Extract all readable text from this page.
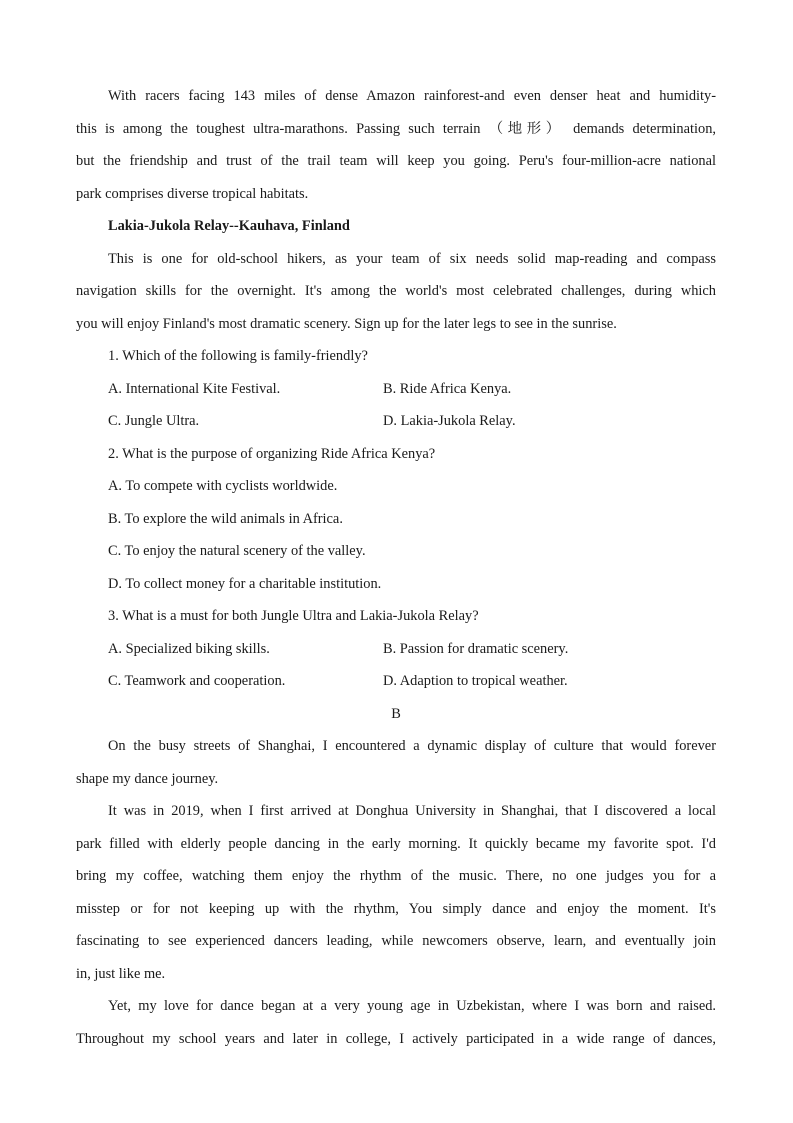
With racers facing 143 miles of dense Amazon rainforest-and even denser heat and humidity-
this is among the toughest ultra-marathons. Passing such terrain （地形） demands determination,
but the friendship and trust of the trail team will keep you going. Peru's four-million-acre national
park comprises diverse tropical habitats.
Lakia-Jukola Relay--Kauhava, Finland
This is one for old-school hikers, as your team of six needs solid map-reading and compass
navigation skills for the overnight. It's among the world's most celebrated challenges, during which
you will enjoy Finland's most dramatic scenery. Sign up for the later legs to see in the sunrise.
1. Which of the following is family-friendly?
A. International Kite Festival.	B. Ride Africa Kenya.
C. Jungle Ultra.	D. Lakia-Jukola Relay.
2. What is the purpose of organizing Ride Africa Kenya?
A. To compete with cyclists worldwide.
B. To explore the wild animals in Africa.
C. To enjoy the natural scenery of the valley.
D. To collect money for a charitable institution.
3. What is a must for both Jungle Ultra and Lakia-Jukola Relay?
A. Specialized biking skills.	B. Passion for dramatic scenery.
C. Teamwork and cooperation.	D. Adaption to tropical weather.
B
On the busy streets of Shanghai, I encountered a dynamic display of culture that would forever
shape my dance journey.
It was in 2019, when I first arrived at Donghua University in Shanghai, that I discovered a local
park filled with elderly people dancing in the early morning. It quickly became my favorite spot. I'd
bring my coffee, watching them enjoy the rhythm of the music. There, no one judges you for a
misstep or for not keeping up with the rhythm, You simply dance and enjoy the moment. It's
fascinating to see experienced dancers leading, while newcomers observe, learn, and eventually join
in, just like me.
Yet, my love for dance began at a very young age in Uzbekistan, where I was born and raised.
Throughout my school years and later in college, I actively participated in a wide range of dances,
